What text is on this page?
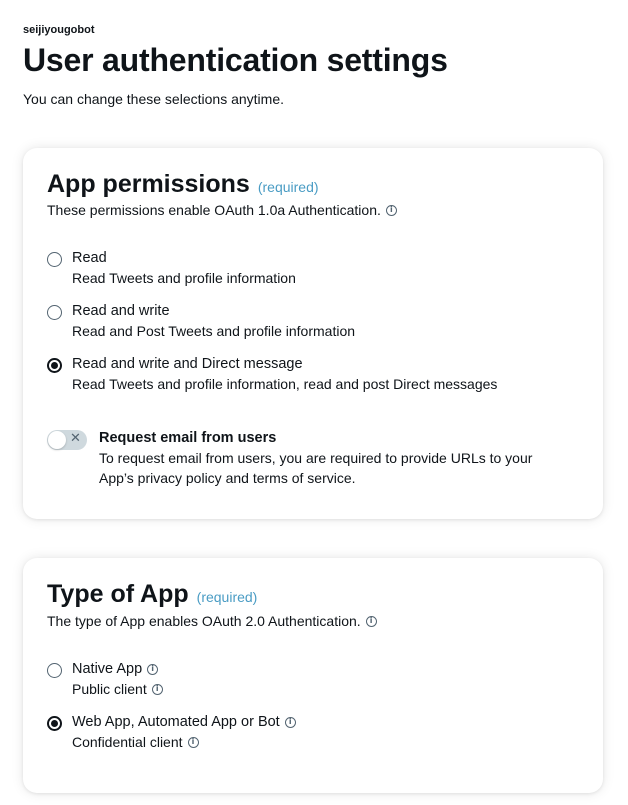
seijiyougobot
User authentication settings
You can change these selections anytime.
App permissions (required)
These permissions enable OAuth 1.0a Authentication.	i
Read
Read Tweets and profile information
Read and write
Read and Post Tweets and profile information
Read and write and Direct message
Read Tweets and profile information, read and post Direct messages
✕ Request email from users
To request email from users, you are required to provide URLs to your App’s privacy policy and terms of service.
Type of App (required)
The type of App enables OAuth 2.0 Authentication.	i
Native App	i
Public client	i
Web App, Automated App or Bot	i
Confidential client	i
